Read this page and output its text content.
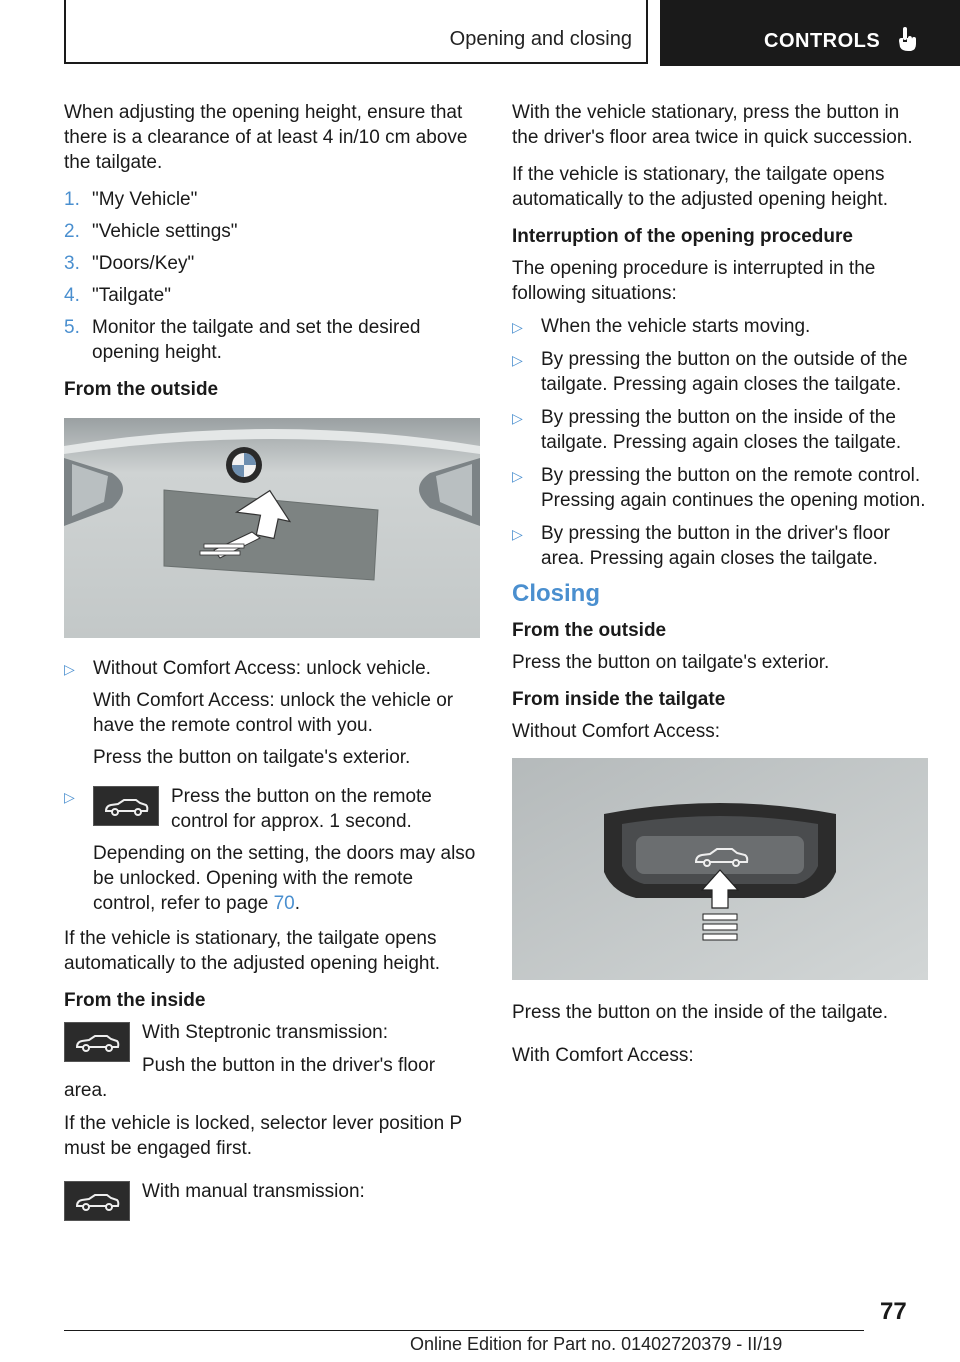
Opening and closing	CONTROLS

When adjusting the opening height, ensure that there is a clearance of at least 4 in/10 cm above the tailgate.

1. "My Vehicle"
2. "Vehicle settings"
3. "Doors/Key"
4. "Tailgate"
5. Monitor the tailgate and set the desired opening height.
From the outside
▷ Without Comfort Access: unlock vehicle.
With Comfort Access: unlock the vehicle or have the remote control with you.
Press the button on tailgate's exterior.
▷	Press the button on the remote control for approx. 1 second.
Depending on the setting, the doors may also be unlocked. Opening with the remote control, refer to page 70.

If the vehicle is stationary, the tailgate opens automatically to the adjusted opening height.

From the inside

With Steptronic transmission:

Push the button in the driver's floor area.

If the vehicle is locked, selector lever position P must be engaged first.

With manual transmission:

With the vehicle stationary, press the button in the driver's floor area twice in quick succession.

If the vehicle is stationary, the tailgate opens automatically to the adjusted opening height.

Interruption of the opening procedure

The opening procedure is interrupted in the following situations:

▷ When the vehicle starts moving.
▷ By pressing the button on the outside of the tailgate. Pressing again closes the tailgate.
▷ By pressing the button on the inside of the tailgate. Pressing again closes the tailgate.
▷ By pressing the button on the remote control. Pressing again continues the opening motion.
▷ By pressing the button in the driver's floor area. Pressing again closes the tailgate.
Closing
From the outside

Press the button on tailgate's exterior.

From inside the tailgate

Without Comfort Access:

Press the button on the inside of the tailgate.

With Comfort Access:

77
Online Edition for Part no. 01402720379 - II/19
